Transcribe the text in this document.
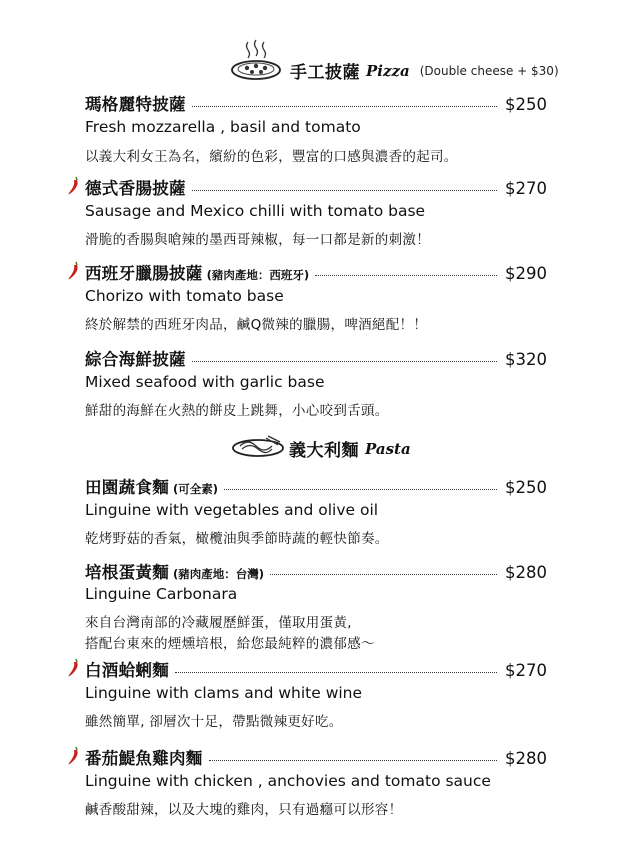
手工披薩 Pizza (Double cheese + $30)
瑪格麗特披薩	$250
Fresh mozzarella , basil and tomato
以義大利女王為名，繽紛的色彩，豐富的口感與濃香的起司。
德式香腸披薩	$270
Sausage and Mexico chilli with tomato base
滑脆的香腸與嗆辣的墨西哥辣椒，每一口都是新的刺激！
西班牙臘腸披薩 (豬肉產地：西班牙)	$290
Chorizo with tomato base
終於解禁的西班牙肉品，鹹Q微辣的臘腸，啤酒絕配！！
綜合海鮮披薩	$320
Mixed seafood with garlic base
鮮甜的海鮮在火熱的餅皮上跳舞，小心咬到舌頭。
義大利麵 Pasta
田園蔬食麵 (可全素)	$250
Linguine with vegetables and olive oil
乾烤野菇的香氣，橄欖油與季節時蔬的輕快節奏。
培根蛋黃麵 (豬肉產地：台灣)	$280
Linguine Carbonara
來自台灣南部的冷藏履歷鮮蛋，僅取用蛋黃,
搭配台東來的煙燻培根，給您最純粹的濃郁感～
白酒蛤蜊麵	$270
Linguine with clams and white wine
雖然簡單, 卻層次十足，帶點微辣更好吃。
番茄鯷魚雞肉麵	$280
Linguine with chicken , anchovies and tomato sauce
鹹香酸甜辣，以及大塊的雞肉，只有過癮可以形容！
